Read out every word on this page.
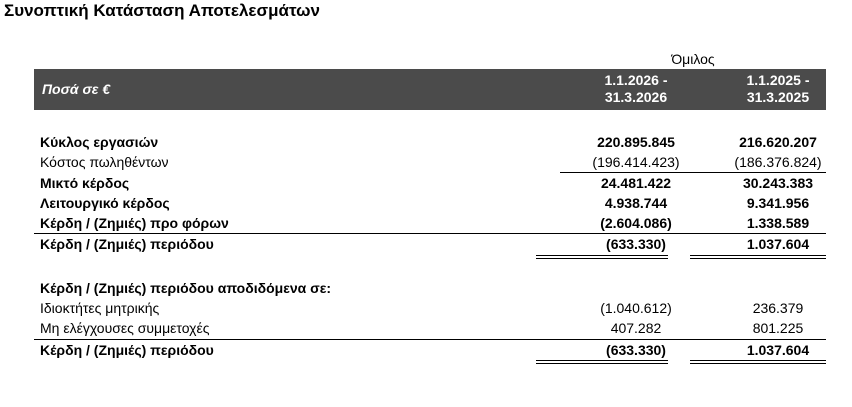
Συνοπτική Κατάσταση Αποτελεσμάτων
Όμιλος
Ποσά σε €
1.1.2026 -
31.3.2026
1.1.2025 -
31.3.2025
Κύκλος εργασιών	220.895.845	216.620.207
Κόστος πωληθέντων	(196.414.423)	(186.376.824)
Μικτό κέρδος	24.481.422	30.243.383
Λειτουργικό κέρδος	4.938.744	9.341.956
Κέρδη / (Ζημιές) προ φόρων	(2.604.086)	1.338.589
Κέρδη / (Ζημιές) περιόδου	(633.330)	1.037.604
Κέρδη / (Ζημιές) περιόδου αποδιδόμενα σε:
Ιδιοκτήτες μητρικής	(1.040.612)	236.379
Μη ελέγχουσες συμμετοχές	407.282	801.225
Κέρδη / (Ζημιές) περιόδου	(633.330)	1.037.604
